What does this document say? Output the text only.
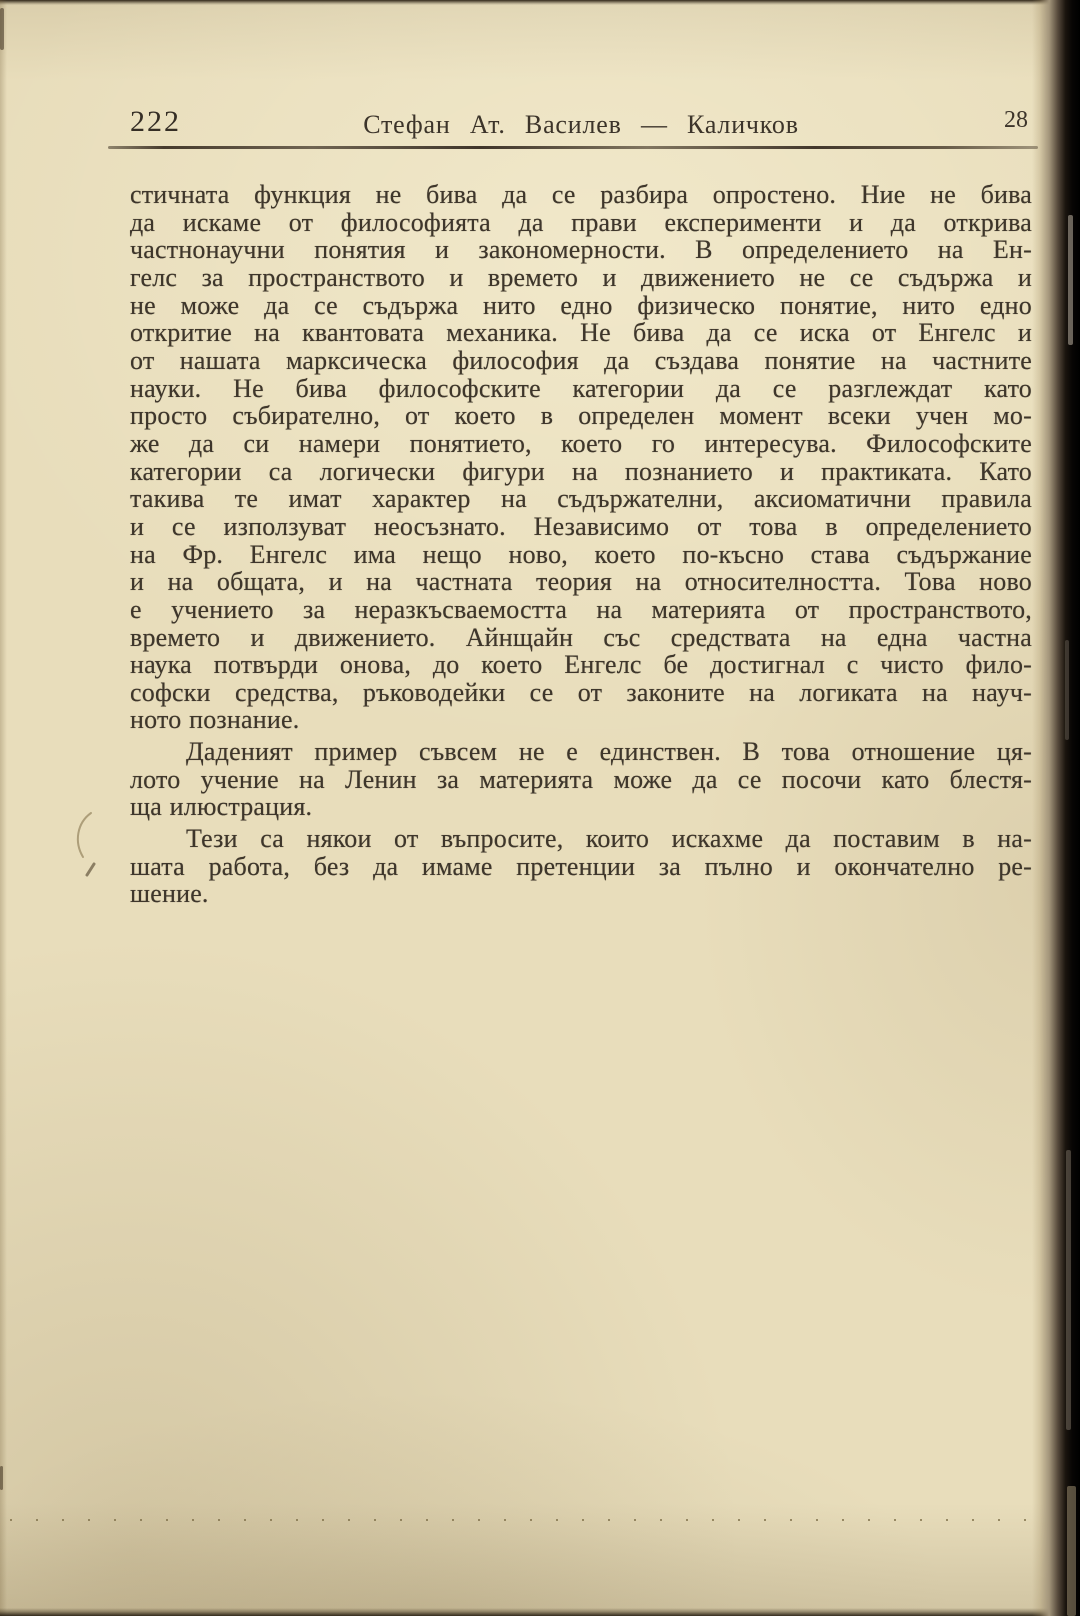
222	Стефан Ат. Василев — Каличков	28
стичната функция не бива да се разбира опростено. Ние не бива
да искаме от философията да прави експерименти и да открива
частнонаучни понятия и закономерности. В определението на Ен-
гелс за пространството и времето и движението не се съдържа и
не може да се съдържа нито едно физическо понятие, нито едно
откритие на квантовата механика. Не бива да се иска от Енгелс и
от нашата марксическа философия да създава понятие на частните
науки. Не бива философските категории да се разглеждат като
просто събирателно, от което в определен момент всеки учен мо-
же да си намери понятието, което го интересува. Философските
категории са логически фигури на познанието и практиката. Като
такива те имат характер на съдържателни, аксиоматични правила
и се използуват неосъзнато. Независимо от това в определението
на Фр. Енгелс има нещо ново, което по-късно става съдържание
и на общата, и на частната теория на относителността. Това ново
е учението за неразкъсваемостта на материята от пространството,
времето и движението. Айнщайн със средствата на една частна
наука потвърди онова, до което Енгелс бе достигнал с чисто фило-
софски средства, ръководейки се от законите на логиката на науч-
ното познание.
Даденият пример съвсем не е единствен. В това отношение ця-
лото учение на Ленин за материята може да се посочи като блестя-
ща илюстрация.
Тези са някои от въпросите, които искахме да поставим в на-
шата работа, без да имаме претенции за пълно и окончателно ре-
шение.
